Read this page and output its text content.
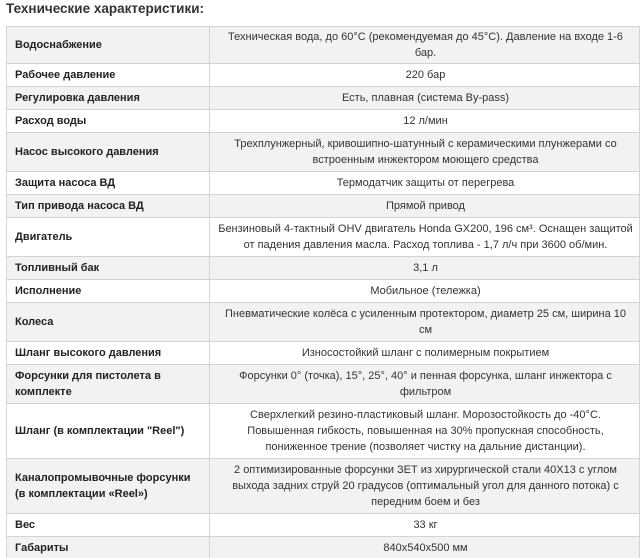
Технические характеристики:
Водоснабжение	Техническая вода, до 60°С (рекомендуемая до 45°С). Давление на входе 1-6 бар.
Рабочее давление	220 бар
Регулировка давления	Есть, плавная (система By-pass)
Расход воды	12 л/мин
Насос высокого давления	Трехплунжерный, кривошипно-шатунный с керамическими плунжерами со встроенным инжектором моющего средства
Защита насоса ВД	Термодатчик защиты от перегрева
Тип привода насоса ВД	Прямой привод
Двигатель	Бензиновый 4-тактный OHV двигатель Honda GX200, 196 см³. Оснащен защитой от падения давления масла. Расход топлива - 1,7 л/ч при 3600 об/мин.
Топливный бак	3,1 л
Исполнение	Мобильное (тележка)
Колеса	Пневматические колёса с усиленным протектором, диаметр 25 см, ширина 10 см
Шланг высокого давления	Износостойкий шланг с полимерным покрытием
Форсунки для пистолета в комплекте	Форсунки 0° (точка), 15°, 25°, 40° и пенная форсунка, шланг инжектора с фильтром
Шланг (в комплектации "Reel")	Сверхлегкий резино-пластиковый шланг. Морозостойкость до -40°С. Повышенная гибкость, повышенная на 30% пропускная способность, пониженное трение (позволяет чистку на дальние дистанции).
Каналопромывочные форсунки (в комплектации «Reel»)	2 оптимизированные форсунки ЗЕТ из хирургической стали 40Х13 с углом выхода задних струй 20 градусов (оптимальный угол для данного потока) с передним боем и без
Вес	33 кг
Габариты	840х540х500 мм
